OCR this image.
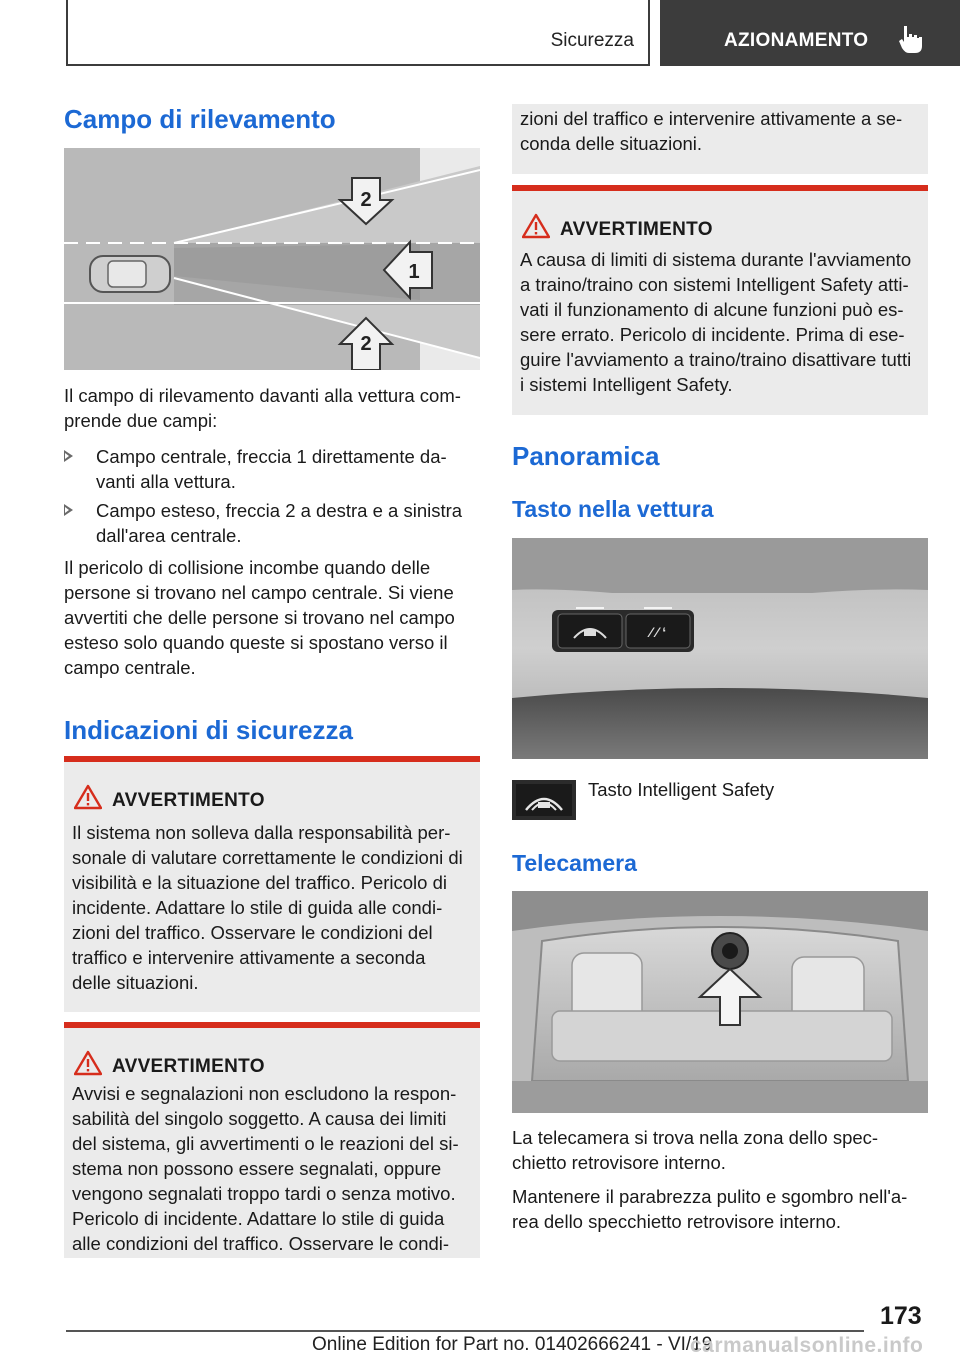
Sicurezza	AZIONAMENTO
Campo di rilevamento
2
1
2
Il campo di rilevamento davanti alla vettura com-
prende due campi:
Campo centrale, freccia 1 direttamente da-
vanti alla vettura.
Campo esteso, freccia 2 a destra e a sinistra
dall'area centrale.
Il pericolo di collisione incombe quando delle
persone si trovano nel campo centrale. Si viene
avvertiti che delle persone si trovano nel campo
esteso solo quando queste si spostano verso il
campo centrale.
Indicazioni di sicurezza
AVVERTIMENTO
Il sistema non solleva dalla responsabilità per-
sonale di valutare correttamente le condizioni di
visibilità e la situazione del traffico. Pericolo di
incidente. Adattare lo stile di guida alle condi-
zioni del traffico. Osservare le condizioni del
traffico e intervenire attivamente a seconda
delle situazioni.
AVVERTIMENTO
Avvisi e segnalazioni non escludono la respon-
sabilità del singolo soggetto. A causa dei limiti
del sistema, gli avvertimenti o le reazioni del si-
stema non possono essere segnalati, oppure
vengono segnalati troppo tardi o senza motivo.
Pericolo di incidente. Adattare lo stile di guida
alle condizioni del traffico. Osservare le condi-
zioni del traffico e intervenire attivamente a se-
conda delle situazioni.
AVVERTIMENTO
A causa di limiti di sistema durante l'avviamento
a traino/traino con sistemi Intelligent Safety atti-
vati il funzionamento di alcune funzioni può es-
sere errato. Pericolo di incidente. Prima di ese-
guire l'avviamento a traino/traino disattivare tutti
i sistemi Intelligent Safety.
Panoramica
Tasto nella vettura
⁄ ⁄ ʻ
Tasto Intelligent Safety
Telecamera
La telecamera si trova nella zona dello spec-
chietto retrovisore interno.
Mantenere il parabrezza pulito e sgombro nell'a-
rea dello specchietto retrovisore interno.
173
Online Edition for Part no. 01402666241 - VI/19
carmanualsonline.info
